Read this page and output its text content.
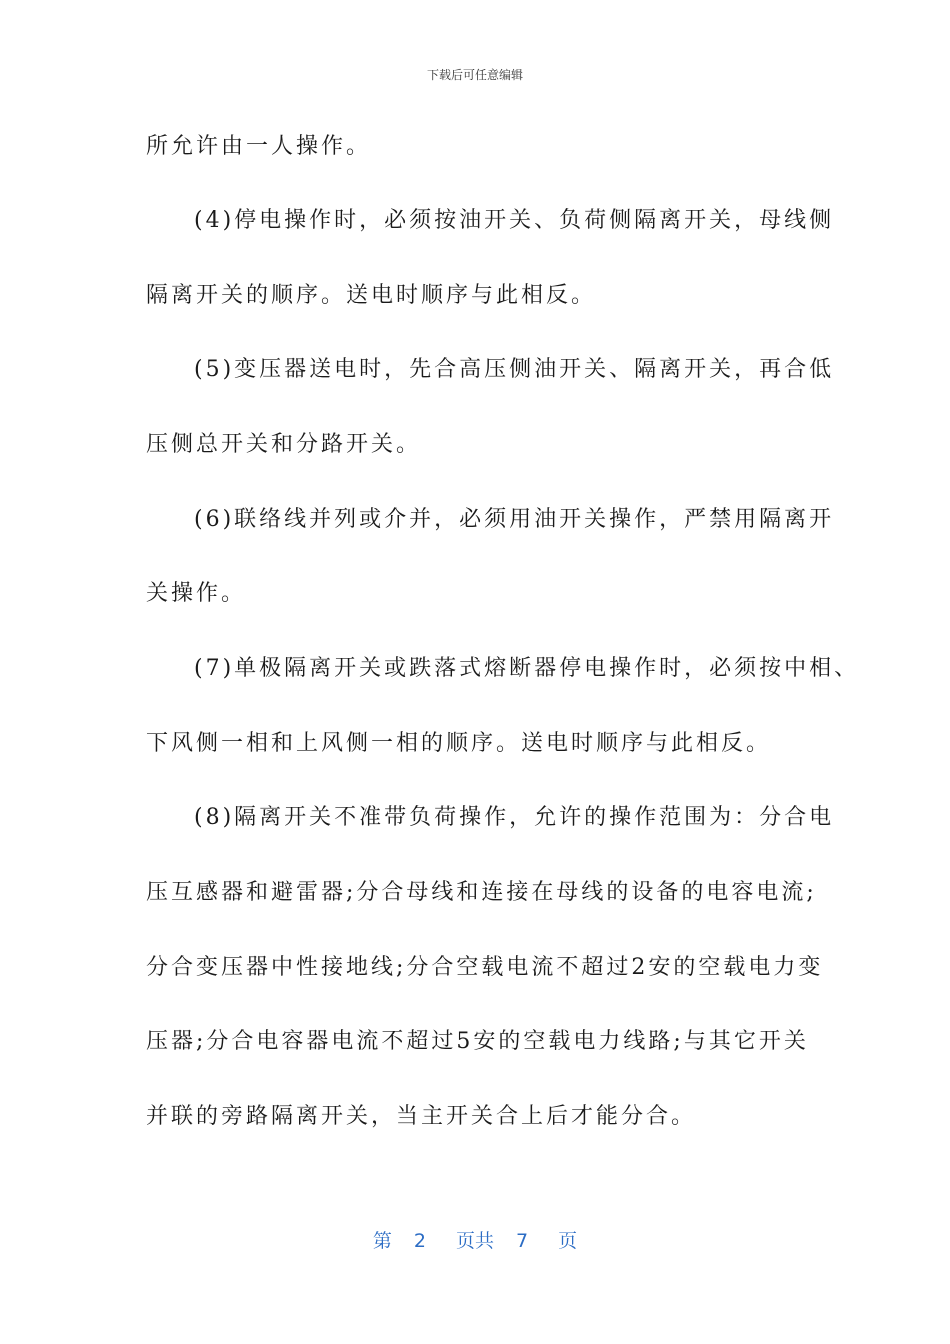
下载后可任意编辑
所允许由一人操作。
(4)停电操作时，必须按油开关、负荷侧隔离开关，母线侧
隔离开关的顺序。送电时顺序与此相反。
(5)变压器送电时，先合高压侧油开关、隔离开关，再合低
压侧总开关和分路开关。
(6)联络线并列或介并，必须用油开关操作，严禁用隔离开
关操作。
(7)单极隔离开关或跌落式熔断器停电操作时，必须按中相、
下风侧一相和上风侧一相的顺序。送电时顺序与此相反。
(8)隔离开关不准带负荷操作，允许的操作范围为：分合电
压互感器和避雷器;分合母线和连接在母线的设备的电容电流;
分合变压器中性接地线;分合空载电流不超过2安的空载电力变
压器;分合电容器电流不超过5安的空载电力线路;与其它开关
并联的旁路隔离开关，当主开关合上后才能分合。
第 2 页共 7 页
